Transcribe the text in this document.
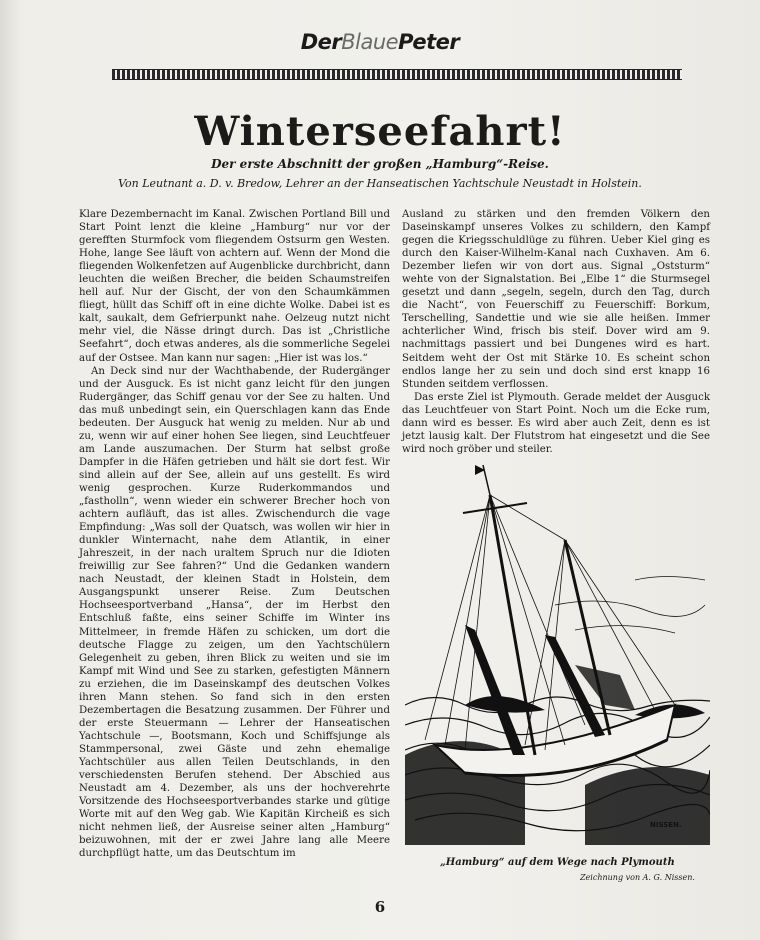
DerBlauePeter
Winterseefahrt!
Der erste Abschnitt der großen „Hamburg“-Reise.
Von Leutnant a. D. v. Bredow, Lehrer an der Hanseatischen Yachtschule Neustadt in Holstein.

Klare Dezembernacht im Kanal. Zwischen Portland Bill und Start Point lenzt die kleine „Hamburg“ nur vor der gerefften Sturmfock vom fliegendem Ostsurm gen Westen. Hohe, lange See läuft von achtern auf. Wenn der Mond die fliegenden Wolkenfetzen auf Augenblicke durchbricht, dann leuchten die weißen Brecher, die beiden Schaumstreifen hell auf. Nur der Gischt, der von den Schaumkämmen fliegt, hüllt das Schiff oft in eine dichte Wolke. Dabei ist es kalt, saukalt, dem Gefrierpunkt nahe. Oelzeug nutzt nicht mehr viel, die Nässe dringt durch. Das ist „Christliche Seefahrt“, doch etwas anderes, als die sommerliche Segelei auf der Ostsee. Man kann nur sagen: „Hier ist was los.“

An Deck sind nur der Wachthabende, der Rudergänger und der Ausguck. Es ist nicht ganz leicht für den jungen Rudergänger, das Schiff genau vor der See zu halten. Und das muß unbedingt sein, ein Querschlagen kann das Ende bedeuten. Der Ausguck hat wenig zu melden. Nur ab und zu, wenn wir auf einer hohen See liegen, sind Leuchtfeuer am Lande auszumachen. Der Sturm hat selbst große Dampfer in die Häfen getrieben und hält sie dort fest. Wir sind allein auf der See, allein auf uns gestellt. Es wird wenig gesprochen. Kurze Ruderkommandos und „fastholln“, wenn wieder ein schwerer Brecher hoch von achtern aufläuft, das ist alles. Zwischendurch die vage Empfindung: „Was soll der Quatsch, was wollen wir hier in dunkler Winternacht, nahe dem Atlantik, in einer Jahreszeit, in der nach uraltem Spruch nur die Idioten freiwillig zur See fahren?“ Und die Gedanken wandern nach Neustadt, der kleinen Stadt in Holstein, dem Ausgangspunkt unserer Reise. Zum Deutschen Hochseesportverband „Hansa“, der im Herbst den Entschluß faßte, eins seiner Schiffe im Winter ins Mittelmeer, in fremde Häfen zu schicken, um dort die deutsche Flagge zu zeigen, um den Yachtschülern Gelegenheit zu geben, ihren Blick zu weiten und sie im Kampf mit Wind und See zu starken, gefestigten Männern zu erziehen, die im Daseinskampf des deutschen Volkes ihren Mann stehen. So fand sich in den ersten Dezembertagen die Besatzung zusammen. Der Führer und der erste Steuermann — Lehrer der Hanseatischen Yachtschule —, Bootsmann, Koch und Schiffsjunge als Stammpersonal, zwei Gäste und zehn ehemalige Yachtschüler aus allen Teilen Deutschlands, in den verschiedensten Berufen stehend. Der Abschied aus Neustadt am 4. Dezember, als uns der hochverehrte Vorsitzende des Hochseesportverbandes starke und gütige Worte mit auf den Weg gab. Wie Kapitän Kircheiß es sich nicht nehmen ließ, der Ausreise seiner alten „Hamburg“ beizuwohnen, mit der er zwei Jahre lang alle Meere durchpflügt hatte, um das Deutschtum im

Ausland zu stärken und den fremden Völkern den Daseinskampf unseres Volkes zu schildern, den Kampf gegen die Kriegsschuldlüge zu führen. Ueber Kiel ging es durch den Kaiser-Wilhelm-Kanal nach Cuxhaven. Am 6. Dezember liefen wir von dort aus. Signal „Oststurm“ wehte von der Signalstation. Bei „Elbe 1“ die Sturmsegel gesetzt und dann „segeln, segeln, durch den Tag, durch die Nacht“, von Feuerschiff zu Feuerschiff: Borkum, Terschelling, Sandettie und wie sie alle heißen. Immer achterlicher Wind, frisch bis steif. Dover wird am 9. nachmittags passiert und bei Dungenes wird es hart. Seitdem weht der Ost mit Stärke 10. Es scheint schon endlos lange her zu sein und doch sind erst knapp 16 Stunden seitdem verflossen.

Das erste Ziel ist Plymouth. Gerade meldet der Ausguck das Leuchtfeuer von Start Point. Noch um die Ecke rum, dann wird es besser. Es wird aber auch Zeit, denn es ist jetzt lausig kalt. Der Flutstrom hat eingesetzt und die See wird noch gröber und steiler.

NISSEN.
„Hamburg“ auf dem Wege nach Plymouth
Zeichnung von A. G. Nissen.
6
